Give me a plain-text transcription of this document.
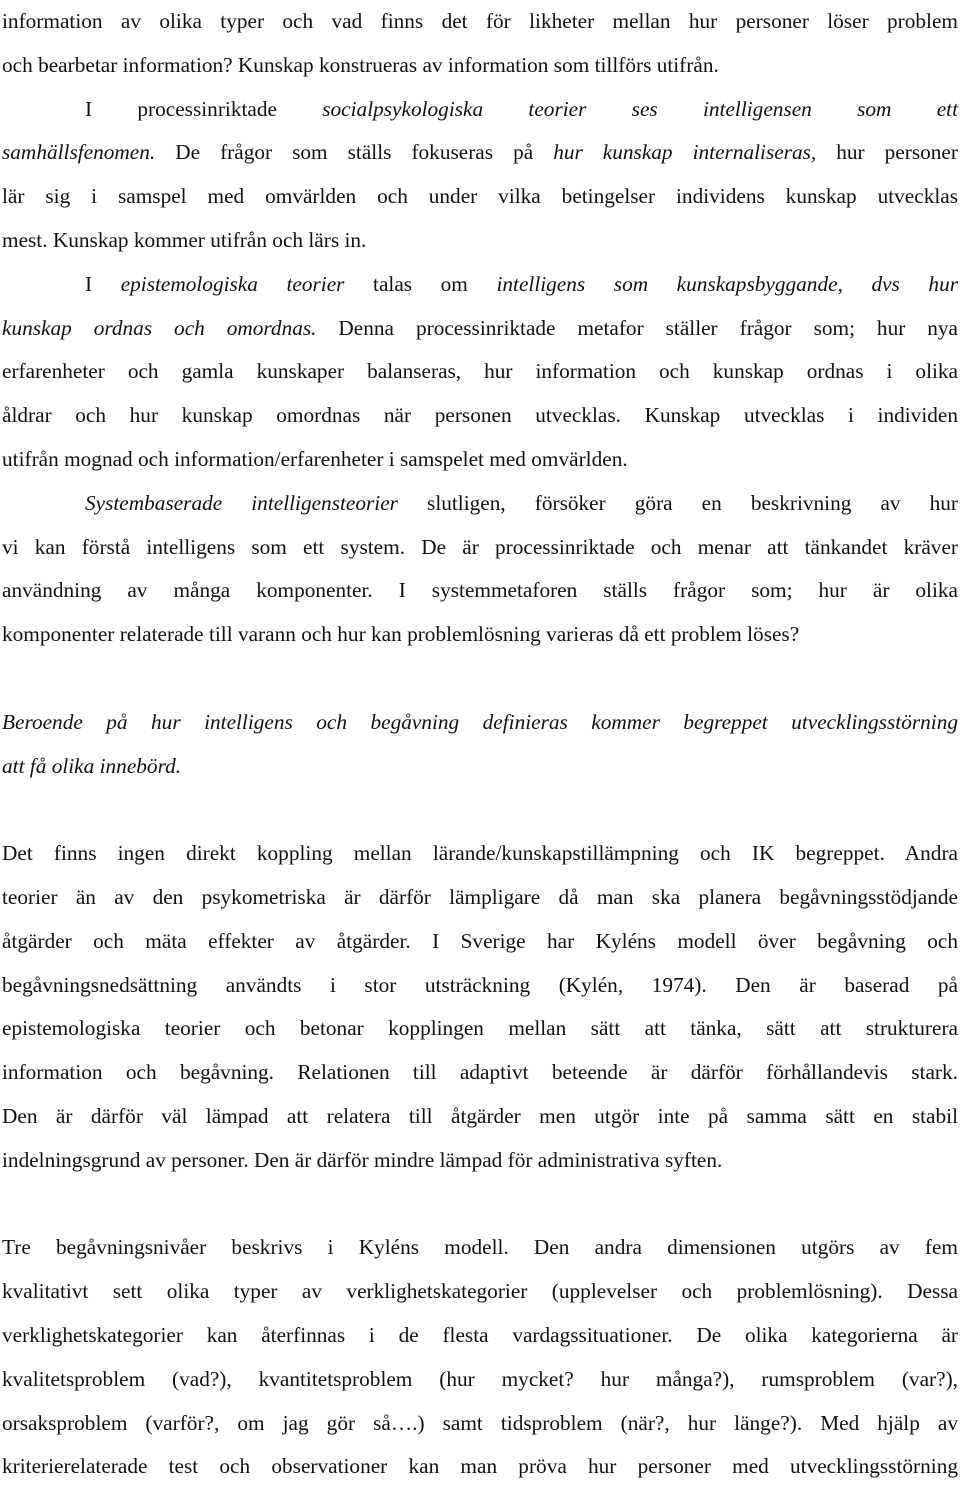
information av olika typer och vad finns det för likheter mellan hur personer löser problem
och bearbetar information? Kunskap konstrueras av information som tillförs utifrån.
I processinriktade socialpsykologiska teorier ses intelligensen som ett
samhällsfenomen. De frågor som ställs fokuseras på hur kunskap internaliseras, hur personer
lär sig i samspel med omvärlden och under vilka betingelser individens kunskap utvecklas
mest. Kunskap kommer utifrån och lärs in.
I epistemologiska teorier talas om intelligens som kunskapsbyggande, dvs hur
kunskap ordnas och omordnas. Denna processinriktade metafor ställer frågor som; hur nya
erfarenheter och gamla kunskaper balanseras, hur information och kunskap ordnas i olika
åldrar och hur kunskap omordnas när personen utvecklas. Kunskap utvecklas i individen
utifrån mognad och information/erfarenheter i samspelet med omvärlden.
Systembaserade intelligensteorier slutligen, försöker göra en beskrivning av hur
vi kan förstå intelligens som ett system. De är processinriktade och menar att tänkandet kräver
användning av många komponenter. I systemmetaforen ställs frågor som; hur är olika
komponenter relaterade till varann och hur kan problemlösning varieras då ett problem löses?
Beroende på hur intelligens och begåvning definieras kommer begreppet utvecklingsstörning
att få olika innebörd.
Det finns ingen direkt koppling mellan lärande/kunskapstillämpning och IK begreppet. Andra
teorier än av den psykometriska är därför lämpligare då man ska planera begåvningsstödjande
åtgärder och mäta effekter av åtgärder. I Sverige har Kyléns modell över begåvning och
begåvningsnedsättning användts i stor utsträckning (Kylén, 1974). Den är baserad på
epistemologiska teorier och betonar kopplingen mellan sätt att tänka, sätt att strukturera
information och begåvning. Relationen till adaptivt beteende är därför förhållandevis stark.
Den är därför väl lämpad att relatera till åtgärder men utgör inte på samma sätt en stabil
indelningsgrund av personer. Den är därför mindre lämpad för administrativa syften.
Tre begåvningsnivåer beskrivs i Kyléns modell. Den andra dimensionen utgörs av fem
kvalitativt sett olika typer av verklighetskategorier (upplevelser och problemlösning). Dessa
verklighetskategorier kan återfinnas i de flesta vardagssituationer. De olika kategorierna är
kvalitetsproblem (vad?), kvantitetsproblem (hur mycket? hur många?), rumsproblem (var?),
orsaksproblem (varför?, om jag gör så….) samt tidsproblem (när?, hur länge?). Med hjälp av
kriterierelaterade test och observationer kan man pröva hur personer med utvecklingsstörning
